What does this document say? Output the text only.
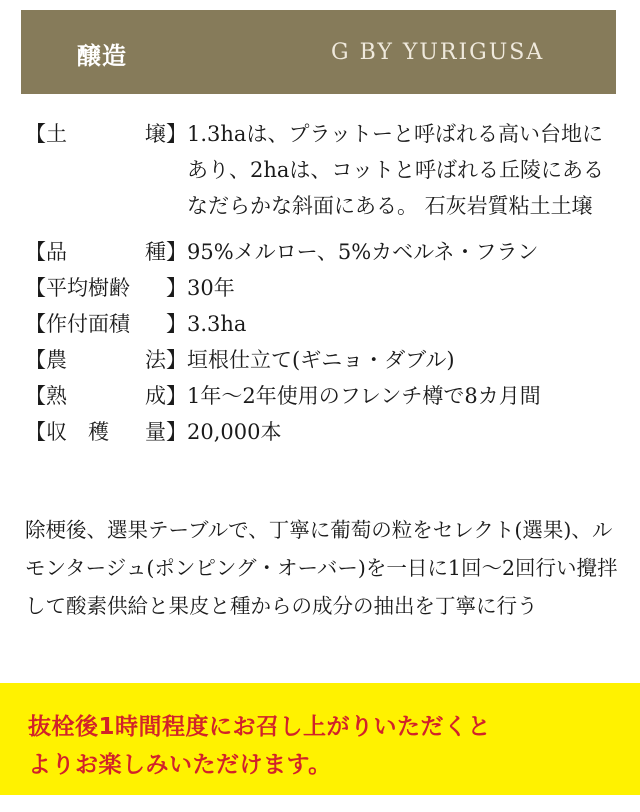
醸造	G BY YURIGUSA
【土	壌】 1.3haは、プラットーと呼ばれる高い台地にあり、2haは、コットと呼ばれる丘陵にあるなだらかな斜面にある。 石灰岩質粘土土壌
【品	種】 95%メルロー、5%カベルネ・フラン
【平均樹齢 】 30年
【作付面積 】 3.3ha
【農	法】 垣根仕立て(ギニョ・ダブル)
【熟	成】 1年〜2年使用のフレンチ樽で8カ月間
【収　穫 量】 20,000本
除梗後、選果テーブルで、丁寧に葡萄の粒をセレクト(選果)、ルモンタージュ(ポンピング・オーバー)を一日に1回〜2回行い攪拌して酸素供給と果皮と種からの成分の抽出を丁寧に行う
抜栓後1時間程度にお召し上がりいただくと
よりお楽しみいただけます。
